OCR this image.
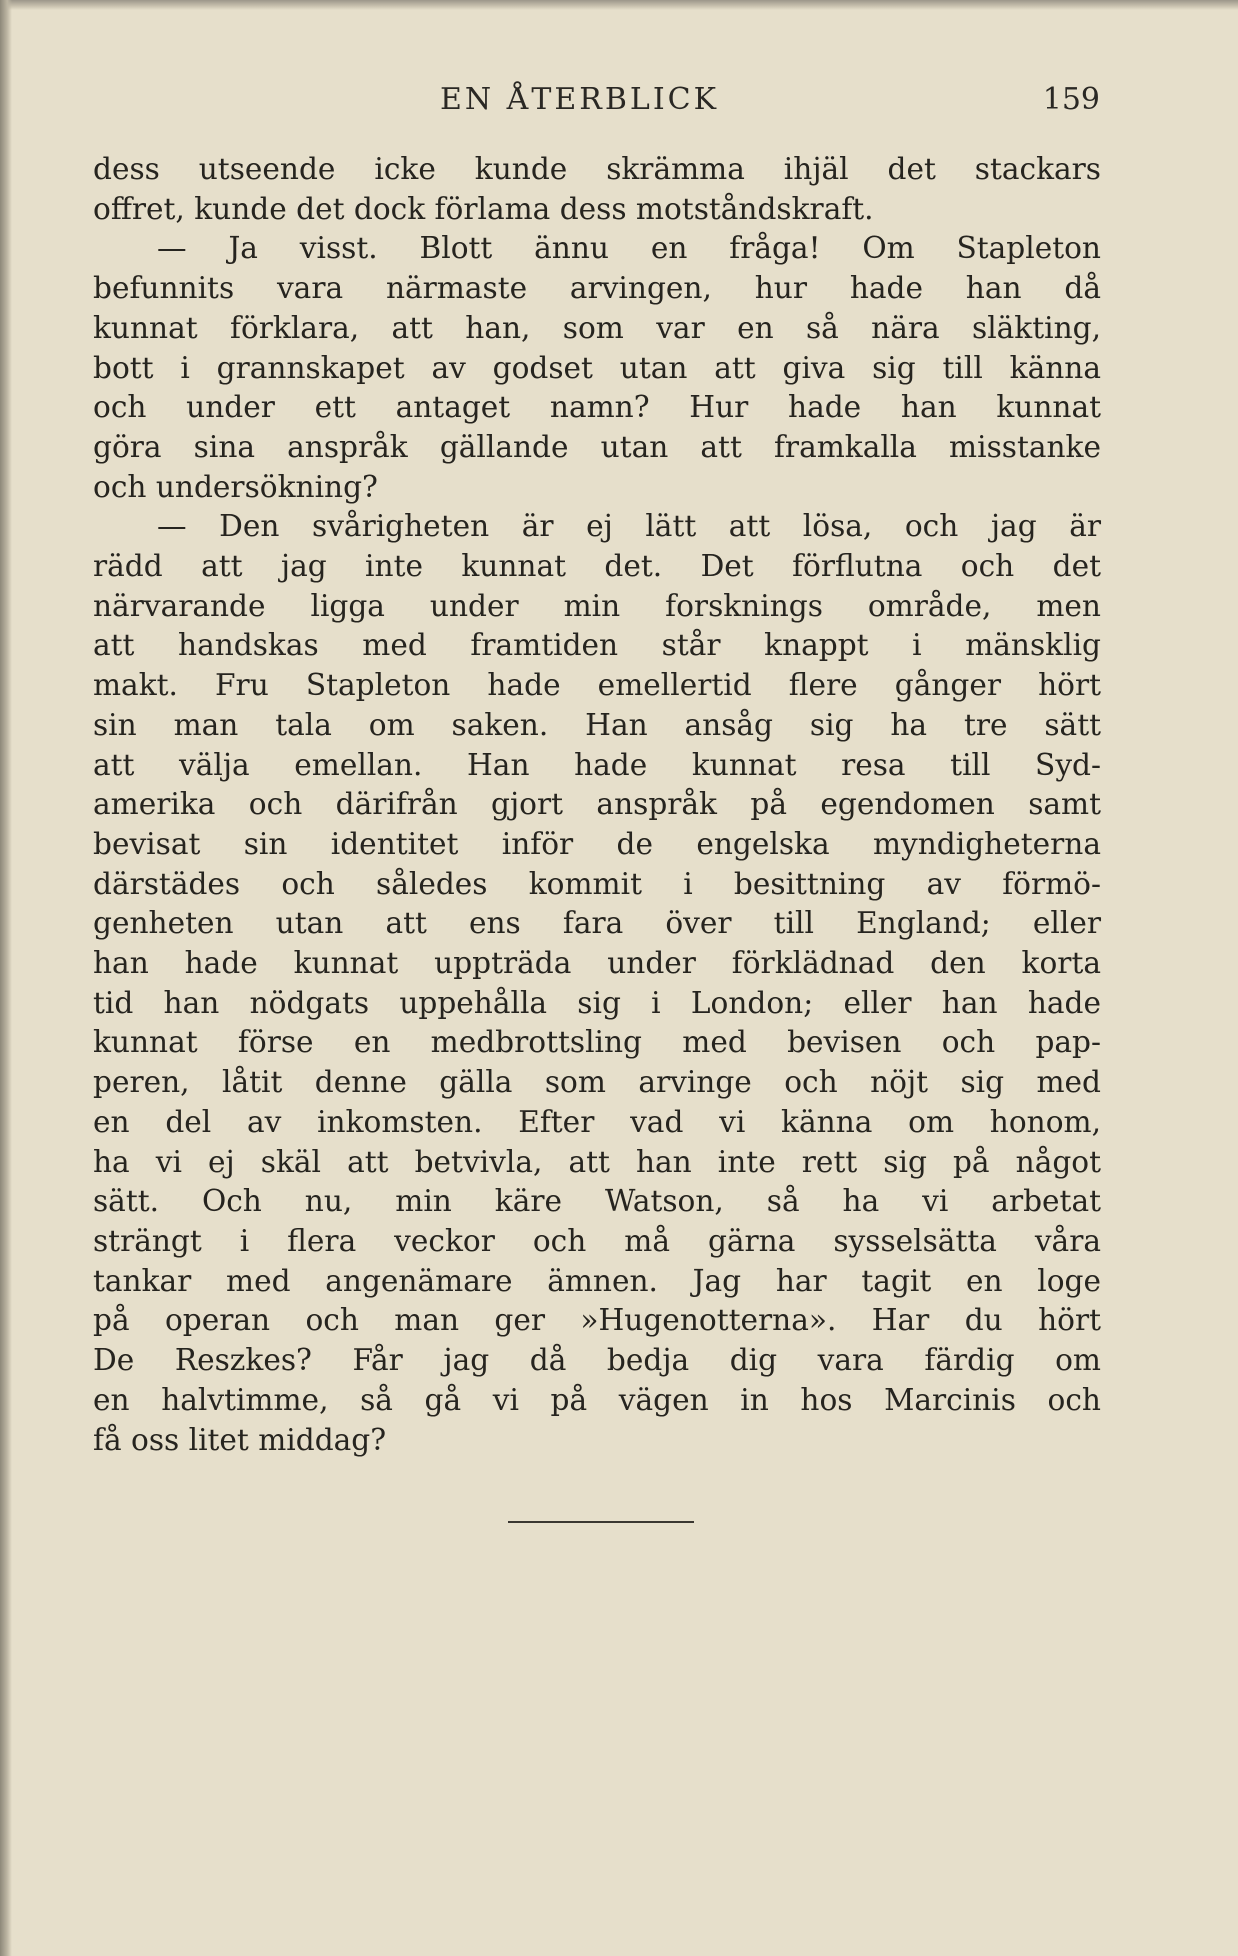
EN ÅTERBLICK	159
dess utseende icke kunde skrämma ihjäl det stackars
offret, kunde det dock förlama dess motståndskraft.
— Ja visst. Blott ännu en fråga! Om Stapleton
befunnits vara närmaste arvingen, hur hade han då
kunnat förklara, att han, som var en så nära släkting,
bott i grannskapet av godset utan att giva sig till känna
och under ett antaget namn? Hur hade han kunnat
göra sina anspråk gällande utan att framkalla misstanke
och undersökning?
— Den svårigheten är ej lätt att lösa, och jag är
rädd att jag inte kunnat det. Det förflutna och det
närvarande ligga under min forsknings område, men
att handskas med framtiden står knappt i mänsklig
makt. Fru Stapleton hade emellertid flere gånger hört
sin man tala om saken. Han ansåg sig ha tre sätt
att välja emellan. Han hade kunnat resa till Syd-
amerika och därifrån gjort anspråk på egendomen samt
bevisat sin identitet inför de engelska myndigheterna
därstädes och således kommit i besittning av förmö-
genheten utan att ens fara över till England; eller
han hade kunnat uppträda under förklädnad den korta
tid han nödgats uppehålla sig i London; eller han hade
kunnat förse en medbrottsling med bevisen och pap-
peren, låtit denne gälla som arvinge och nöjt sig med
en del av inkomsten. Efter vad vi känna om honom,
ha vi ej skäl att betvivla, att han inte rett sig på något
sätt. Och nu, min käre Watson, så ha vi arbetat
strängt i flera veckor och må gärna sysselsätta våra
tankar med angenämare ämnen. Jag har tagit en loge
på operan och man ger »Hugenotterna». Har du hört
De Reszkes? Får jag då bedja dig vara färdig om
en halvtimme, så gå vi på vägen in hos Marcinis och
få oss litet middag?
